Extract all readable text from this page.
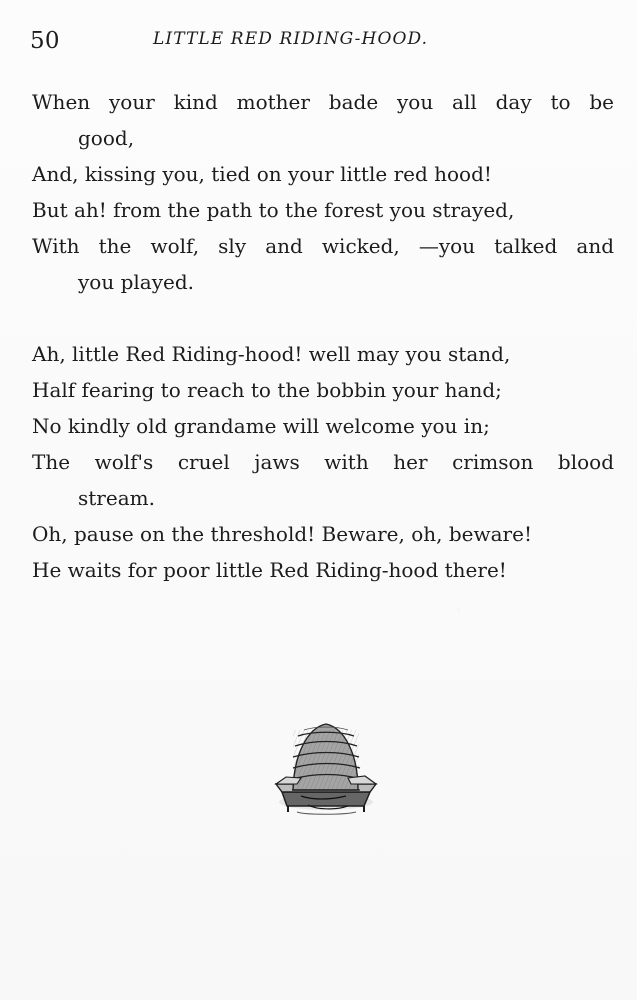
50	LITTLE RED RIDING-HOOD.
When your kind mother bade you all day to be
good,
And, kissing you, tied on your little red hood!
But ah! from the path to the forest you strayed,
With the wolf, sly and wicked, —you talked and
you played.
Ah, little Red Riding-hood! well may you stand,
Half fearing to reach to the bobbin your hand;
No kindly old grandame will welcome you in;
The wolf's cruel jaws with her crimson blood
stream.
Oh, pause on the threshold! Beware, oh, beware!
He waits for poor little Red Riding-hood there!
